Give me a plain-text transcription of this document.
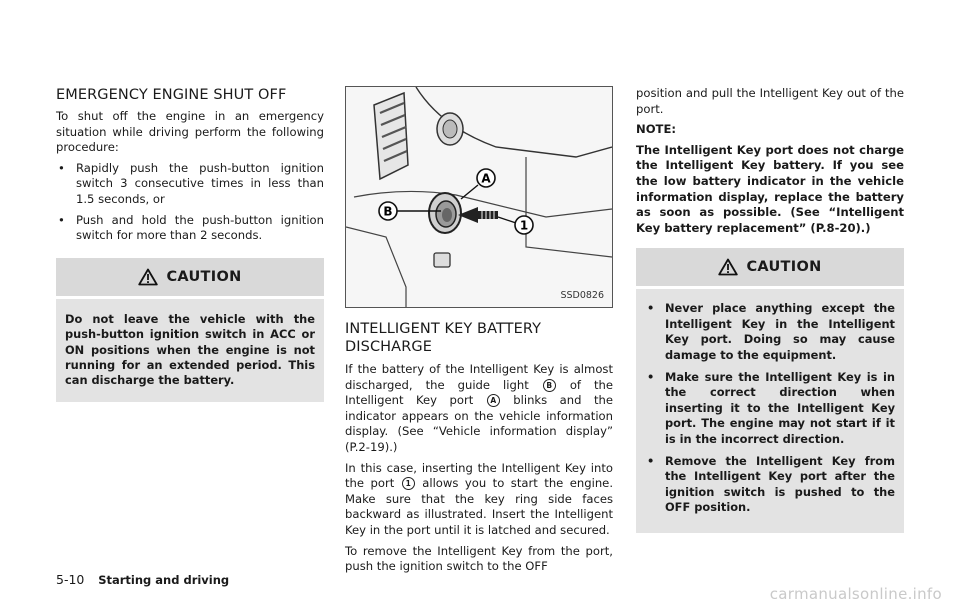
EMERGENCY ENGINE SHUT OFF

To shut off the engine in an emergency situation while driving perform the following procedure:

• Rapidly push the push-button ignition switch 3 consecutive times in less than 1.5 seconds, or
• Push and hold the push-button ignition switch for more than 2 seconds.
CAUTION

Do not leave the vehicle with the push-button ignition switch in ACC or ON positions when the engine is not running for an extended period. This can discharge the battery.

A
B
1
SSD0826
INTELLIGENT KEY BATTERY DISCHARGE

If the battery of the Intelligent Key is almost discharged, the guide light B of the Intelligent Key port A blinks and the indicator appears on the vehicle information display. (See “Vehicle information display” (P.2-19).)

In this case, inserting the Intelligent Key into the port 1 allows you to start the engine. Make sure that the key ring side faces backward as illustrated. Insert the Intelligent Key in the port until it is latched and secured.

To remove the Intelligent Key from the port, push the ignition switch to the OFF

position and pull the Intelligent Key out of the port.

NOTE:

The Intelligent Key port does not charge the Intelligent Key battery. If you see the low battery indicator in the vehicle information display, replace the battery as soon as possible. (See “Intelligent Key battery replacement” (P.8-20).)

CAUTION
• Never place anything except the Intelligent Key in the Intelligent Key port. Doing so may cause damage to the equipment.
• Make sure the Intelligent Key is in the correct direction when inserting it to the Intelligent Key port. The engine may not start if it is in the incorrect direction.
• Remove the Intelligent Key from the Intelligent Key port after the ignition switch is pushed to the OFF position.
5-10 Starting and driving
carmanualsonline.info
